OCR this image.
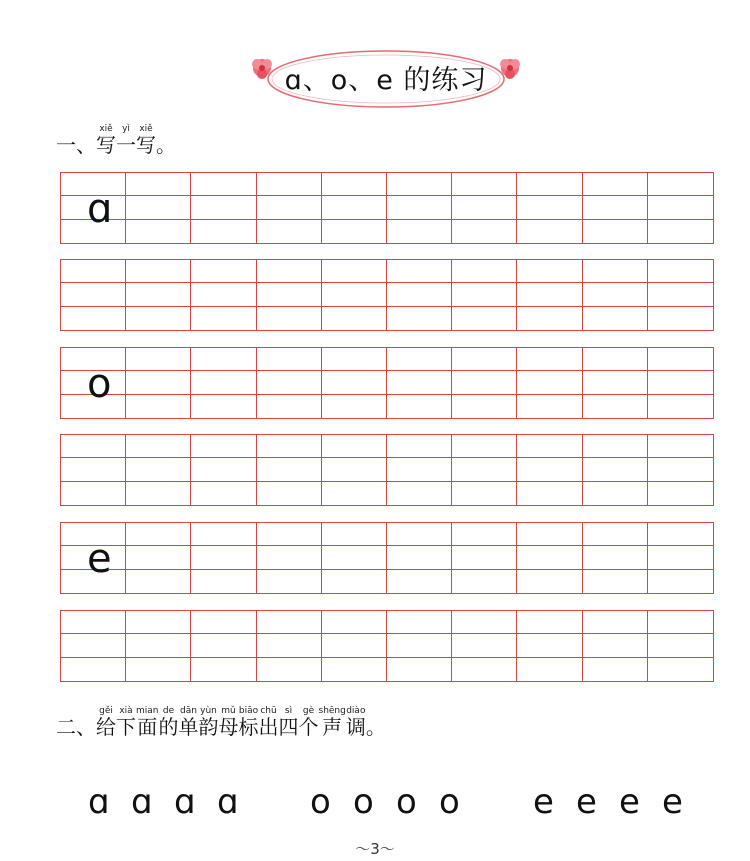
ɑ、o、e 的练习
一、写xiě一yì写xiě。
ɑ
o
e
二、给gěi下xià面mian的de单dān韵yùn母mǔ标biāo出chū四sì个gè声shēng调diào。
ɑ ɑ ɑ ɑ	o o o o	e e e e
～3～
